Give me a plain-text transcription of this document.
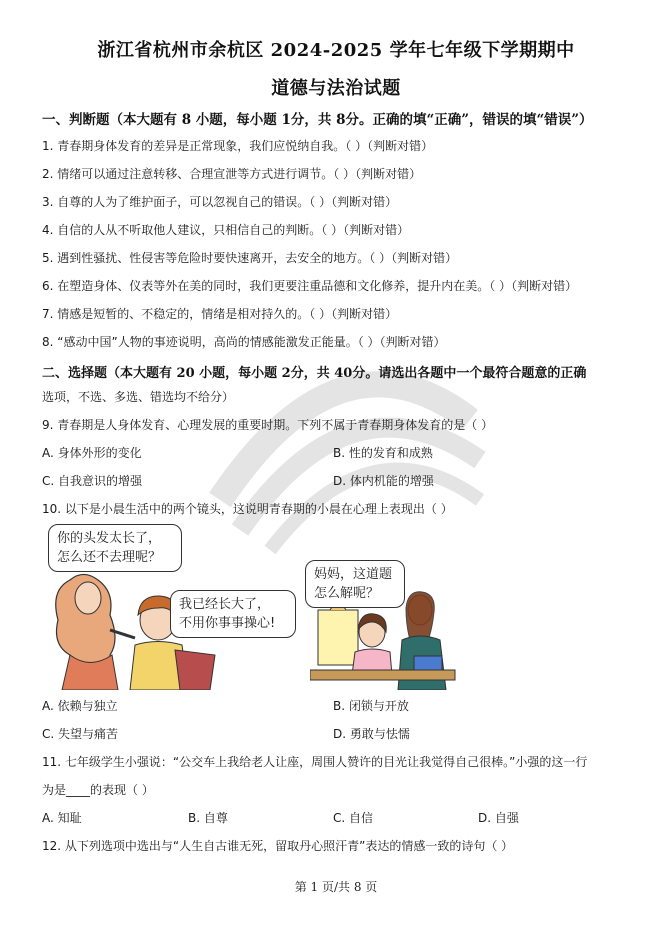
浙江省杭州市余杭区 2024-2025 学年七年级下学期期中
道德与法治试题
一、判断题（本大题有 8 小题，每小题 1分，共 8分。正确的填“正确”，错误的填“错误”）
1. 青春期身体发育的差异是正常现象，我们应悦纳自我。（ ）（判断对错）
2. 情绪可以通过注意转移、合理宣泄等方式进行调节。（ ）（判断对错）
3. 自尊的人为了维护面子，可以忽视自己的错误。（ ）（判断对错）
4. 自信的人从不听取他人建议，只相信自己的判断。（ ）（判断对错）
5. 遇到性骚扰、性侵害等危险时要快速离开，去安全的地方。（ ）（判断对错）
6. 在塑造身体、仪表等外在美的同时，我们更要注重品德和文化修养，提升内在美。（ ）（判断对错）
7. 情感是短暂的、不稳定的，情绪是相对持久的。（ ）（判断对错）
8. “感动中国”人物的事迹说明，高尚的情感能激发正能量。（ ）（判断对错）
二、选择题（本大题有 20 小题，每小题 2分，共 40分。请选出各题中一个最符合题意的正确
选项，不选、多选、错选均不给分）
9. 青春期是人身体发育、心理发展的重要时期。下列不属于青春期身体发育的是（ ）
A. 身体外形的变化	B. 性的发育和成熟
C. 自我意识的增强	D. 体内机能的增强
10. 以下是小晨生活中的两个镜头，这说明青春期的小晨在心理上表现出（ ）
你的头发太长了，
怎么还不去理呢？
我已经长大了，
不用你事事操心!
妈妈，这道题
怎么解呢？
A. 依赖与独立	B. 闭锁与开放
C. 失望与痛苦	D. 勇敢与怯懦
11. 七年级学生小强说：“公交车上我给老人让座，周围人赞许的目光让我觉得自己很棒。”小强的这一行
为是____的表现（ ）
A. 知耻	B. 自尊	C. 自信	D. 自强
12. 从下列选项中选出与“人生自古谁无死，留取丹心照汗青”表达的情感一致的诗句（ ）
第 1 页/共 8 页
